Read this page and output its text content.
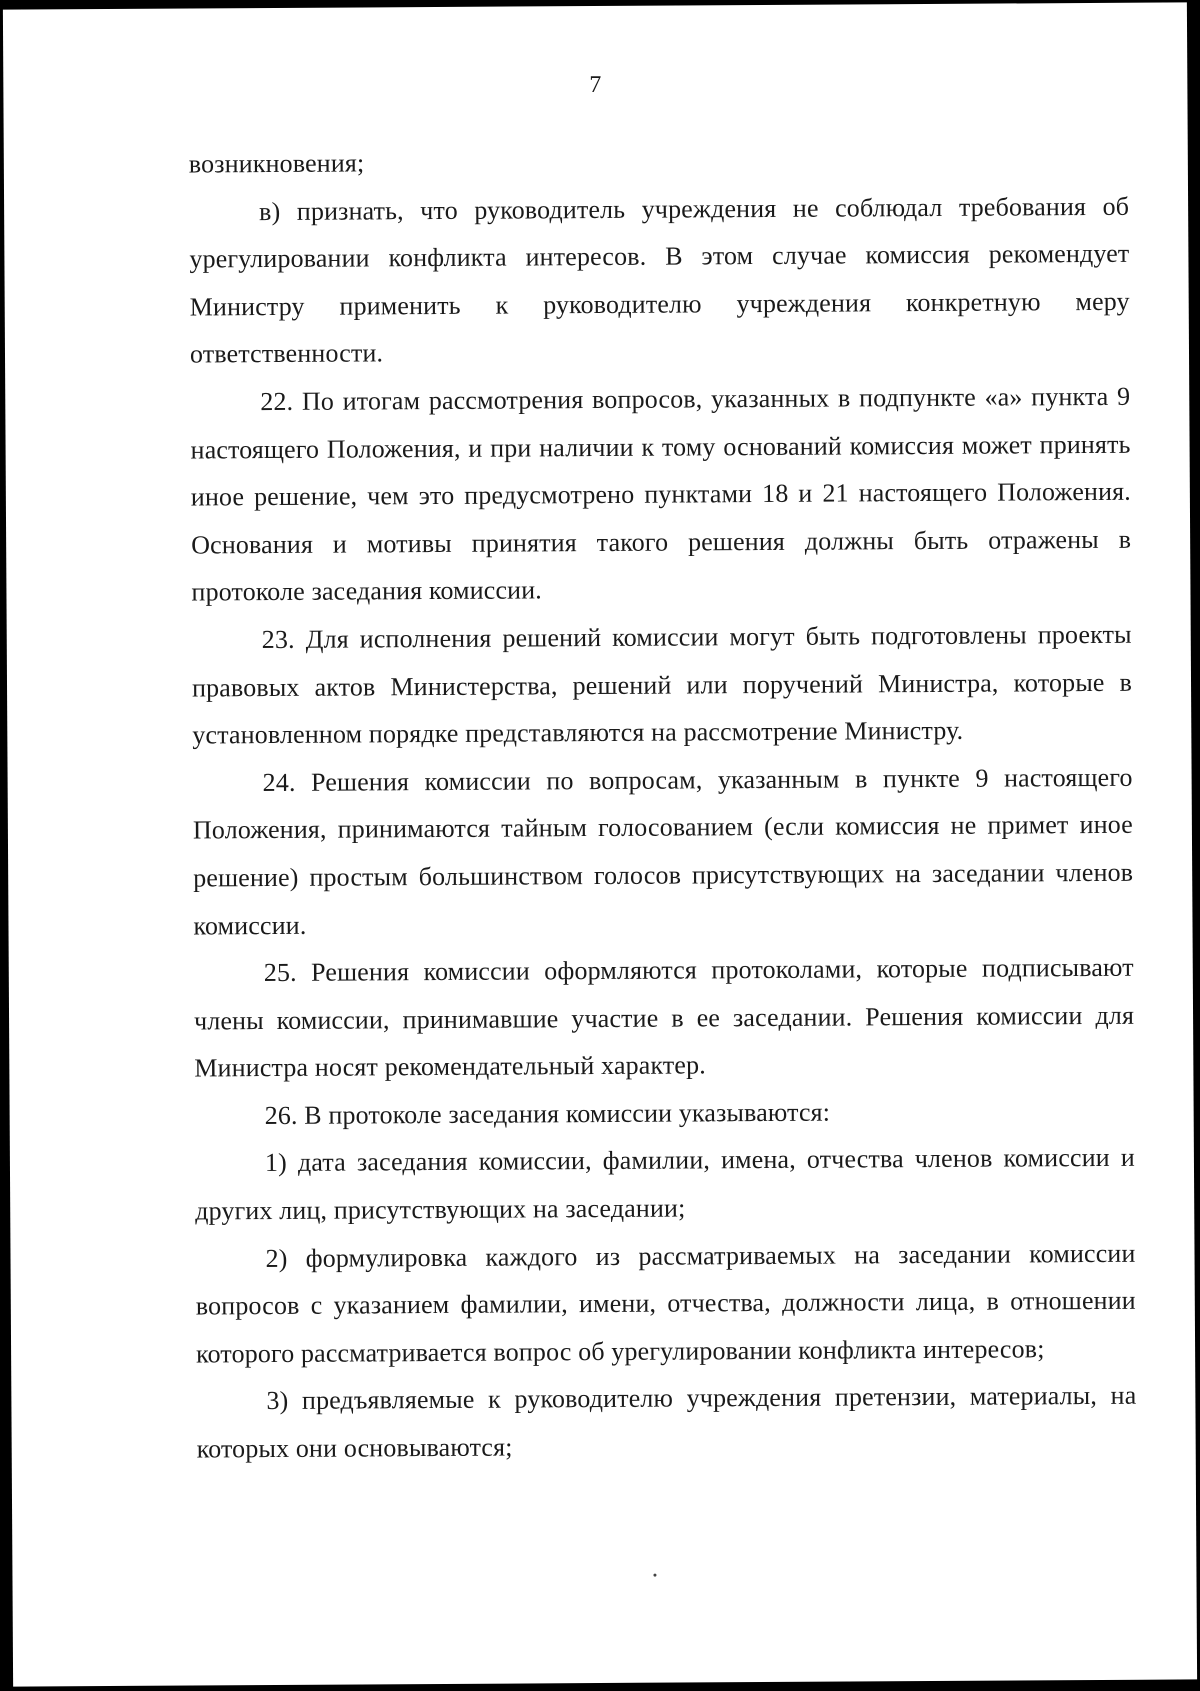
7

возникновения;

в) признать, что руководитель учреждения не соблюдал требования об урегулировании конфликта интересов. В этом случае комиссия рекомендует Министру применить к руководителю учреждения конкретную меру ответственности.

22. По итогам рассмотрения вопросов, указанных в подпункте «а» пункта 9 настоящего Положения, и при наличии к тому оснований комиссия может принять иное решение, чем это предусмотрено пунктами 18 и 21 настоящего Положения. Основания и мотивы принятия такого решения должны быть отражены в протоколе заседания комиссии.

23. Для исполнения решений комиссии могут быть подготовлены проекты правовых актов Министерства, решений или поручений Министра, которые в установленном порядке представляются на рассмотрение Министру.

24. Решения комиссии по вопросам, указанным в пункте 9 настоящего Положения, принимаются тайным голосованием (если комиссия не примет иное решение) простым большинством голосов присутствующих на заседании членов комиссии.

25. Решения комиссии оформляются протоколами, которые подписывают члены комиссии, принимавшие участие в ее заседании. Решения комиссии для Министра носят рекомендательный характер.

26. В протоколе заседания комиссии указываются:

1) дата заседания комиссии, фамилии, имена, отчества членов комиссии и других лиц, присутствующих на заседании;

2) формулировка каждого из рассматриваемых на заседании комиссии вопросов с указанием фамилии, имени, отчества, должности лица, в отношении которого рассматривается вопрос об урегулировании конфликта интересов;

3) предъявляемые к руководителю учреждения претензии, материалы, на которых они основываются;
